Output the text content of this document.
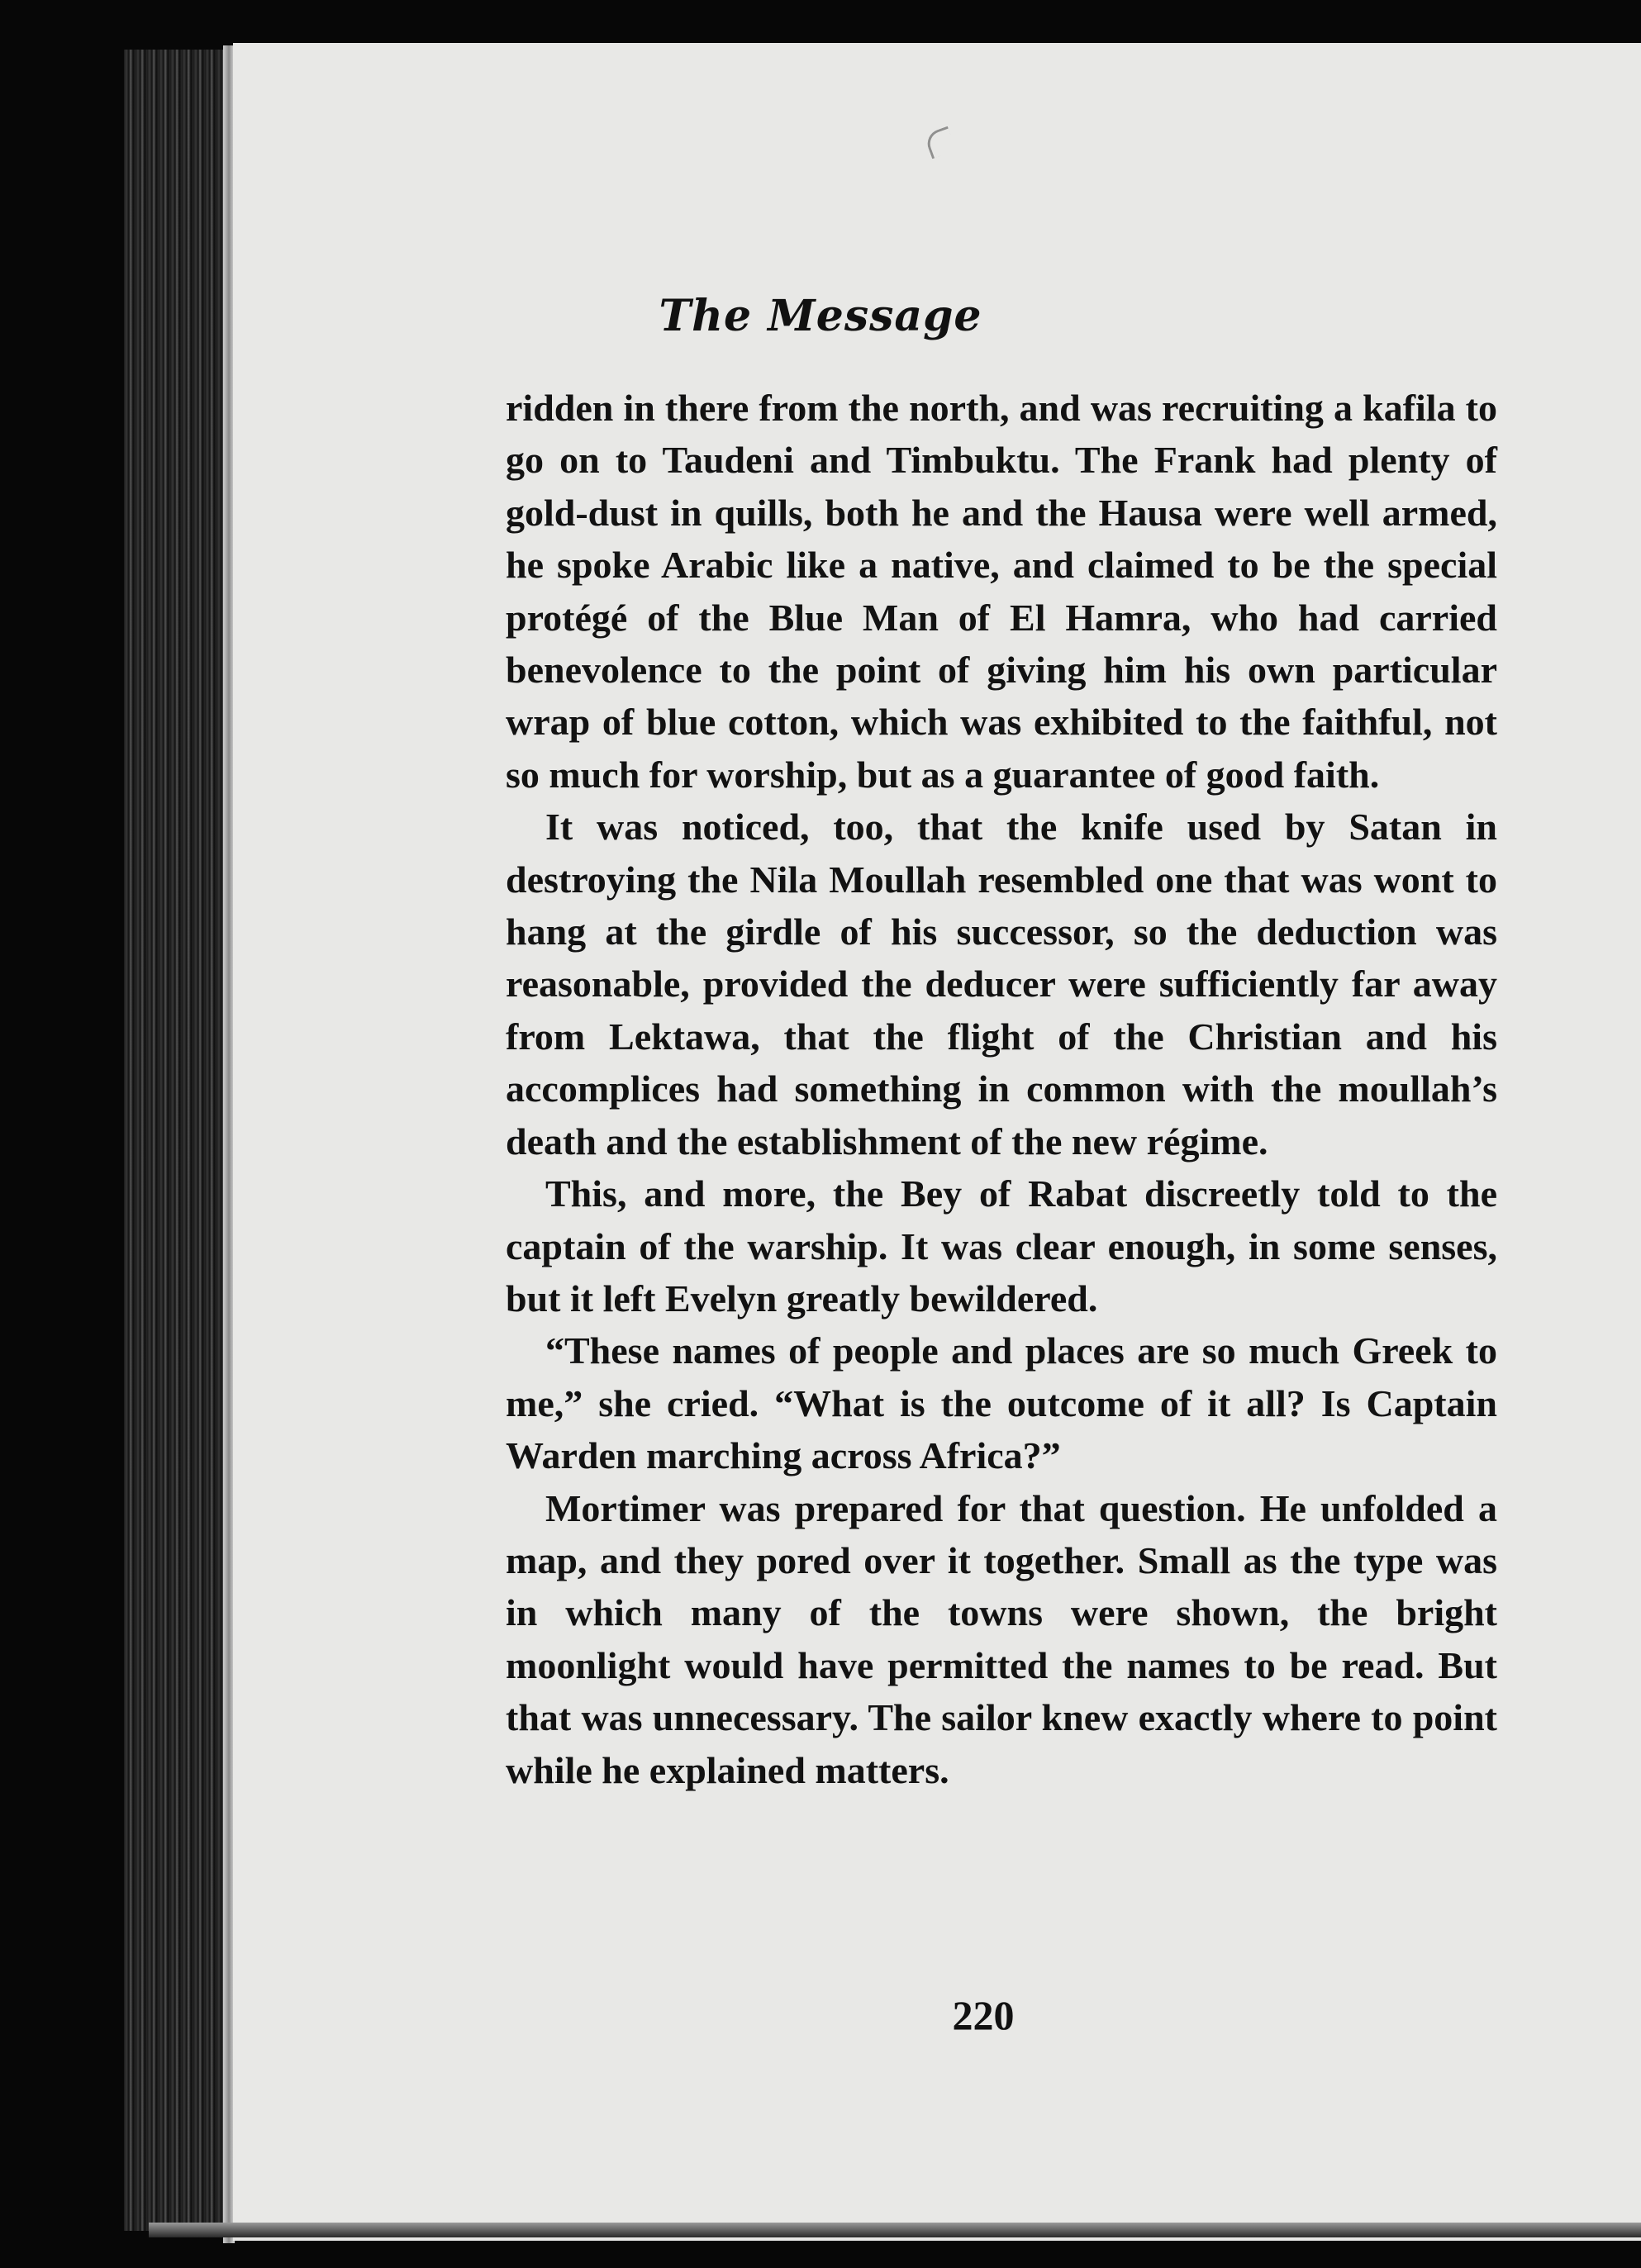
The Message

ridden in there from the north, and was recruiting a kafila to go on to Taudeni and Timbuktu. The Frank had plenty of gold-dust in quills, both he and the Hausa were well armed, he spoke Arabic like a native, and claimed to be the special protégé of the Blue Man of El Hamra, who had carried benevolence to the point of giving him his own particular wrap of blue cotton, which was exhibited to the faithful, not so much for worship, but as a guarantee of good faith.

It was noticed, too, that the knife used by Satan in destroying the Nila Moullah resembled one that was wont to hang at the girdle of his successor, so the deduction was reasonable, provided the deducer were sufficiently far away from Lektawa, that the flight of the Christian and his accomplices had something in common with the moullah’s death and the establishment of the new régime.

This, and more, the Bey of Rabat discreetly told to the captain of the warship. It was clear enough, in some senses, but it left Evelyn greatly bewildered.

“These names of people and places are so much Greek to me,” she cried. “What is the outcome of it all? Is Captain Warden marching across Africa?”

Mortimer was prepared for that question. He unfolded a map, and they pored over it together. Small as the type was in which many of the towns were shown, the bright moonlight would have permitted the names to be read. But that was unnecessary. The sailor knew exactly where to point while he explained matters.

220
